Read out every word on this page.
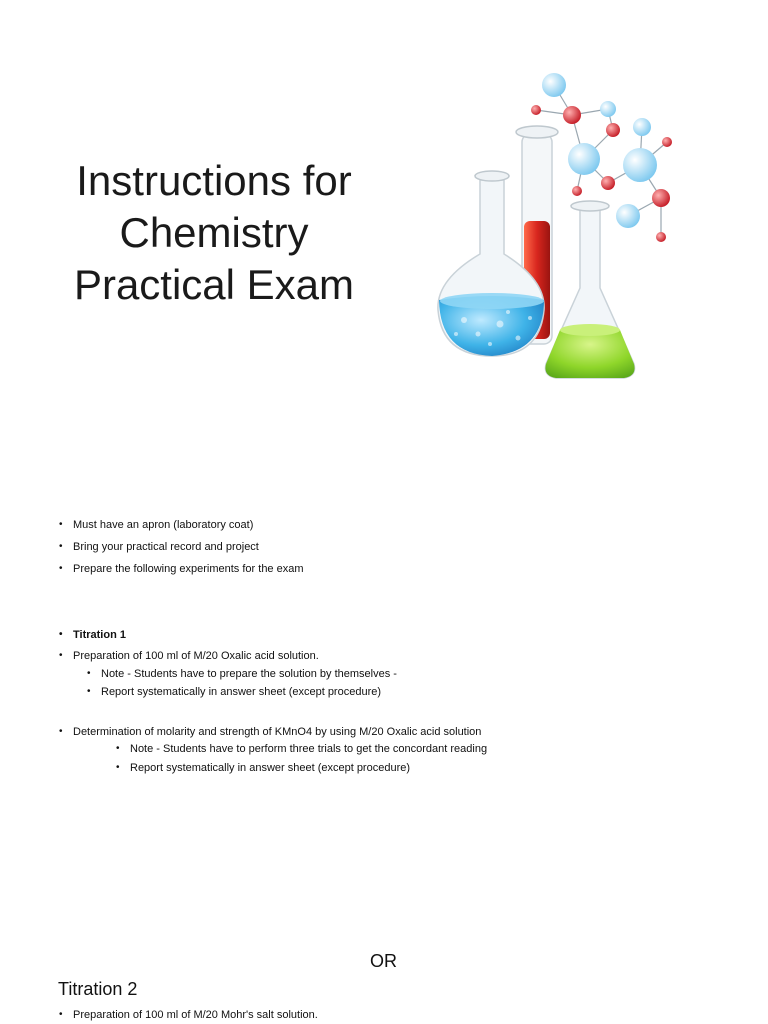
Instructions for
Chemistry
Practical Exam
• Must have an apron (laboratory coat)
• Bring your practical record and project
• Prepare the following experiments for the exam
• Titration 1
• Preparation of 100 ml of M/20 Oxalic acid solution.
• Note - Students have to prepare the solution by themselves -
• Report systematically in answer sheet (except procedure)
• Determination of molarity and strength of KMnO4 by using M/20 Oxalic acid solution
• Note - Students have to perform three trials to get the concordant reading
• Report systematically in answer sheet (except procedure)
• Preparation of 100 ml of M/20 Mohr's salt solution.
OR
Titration 2
